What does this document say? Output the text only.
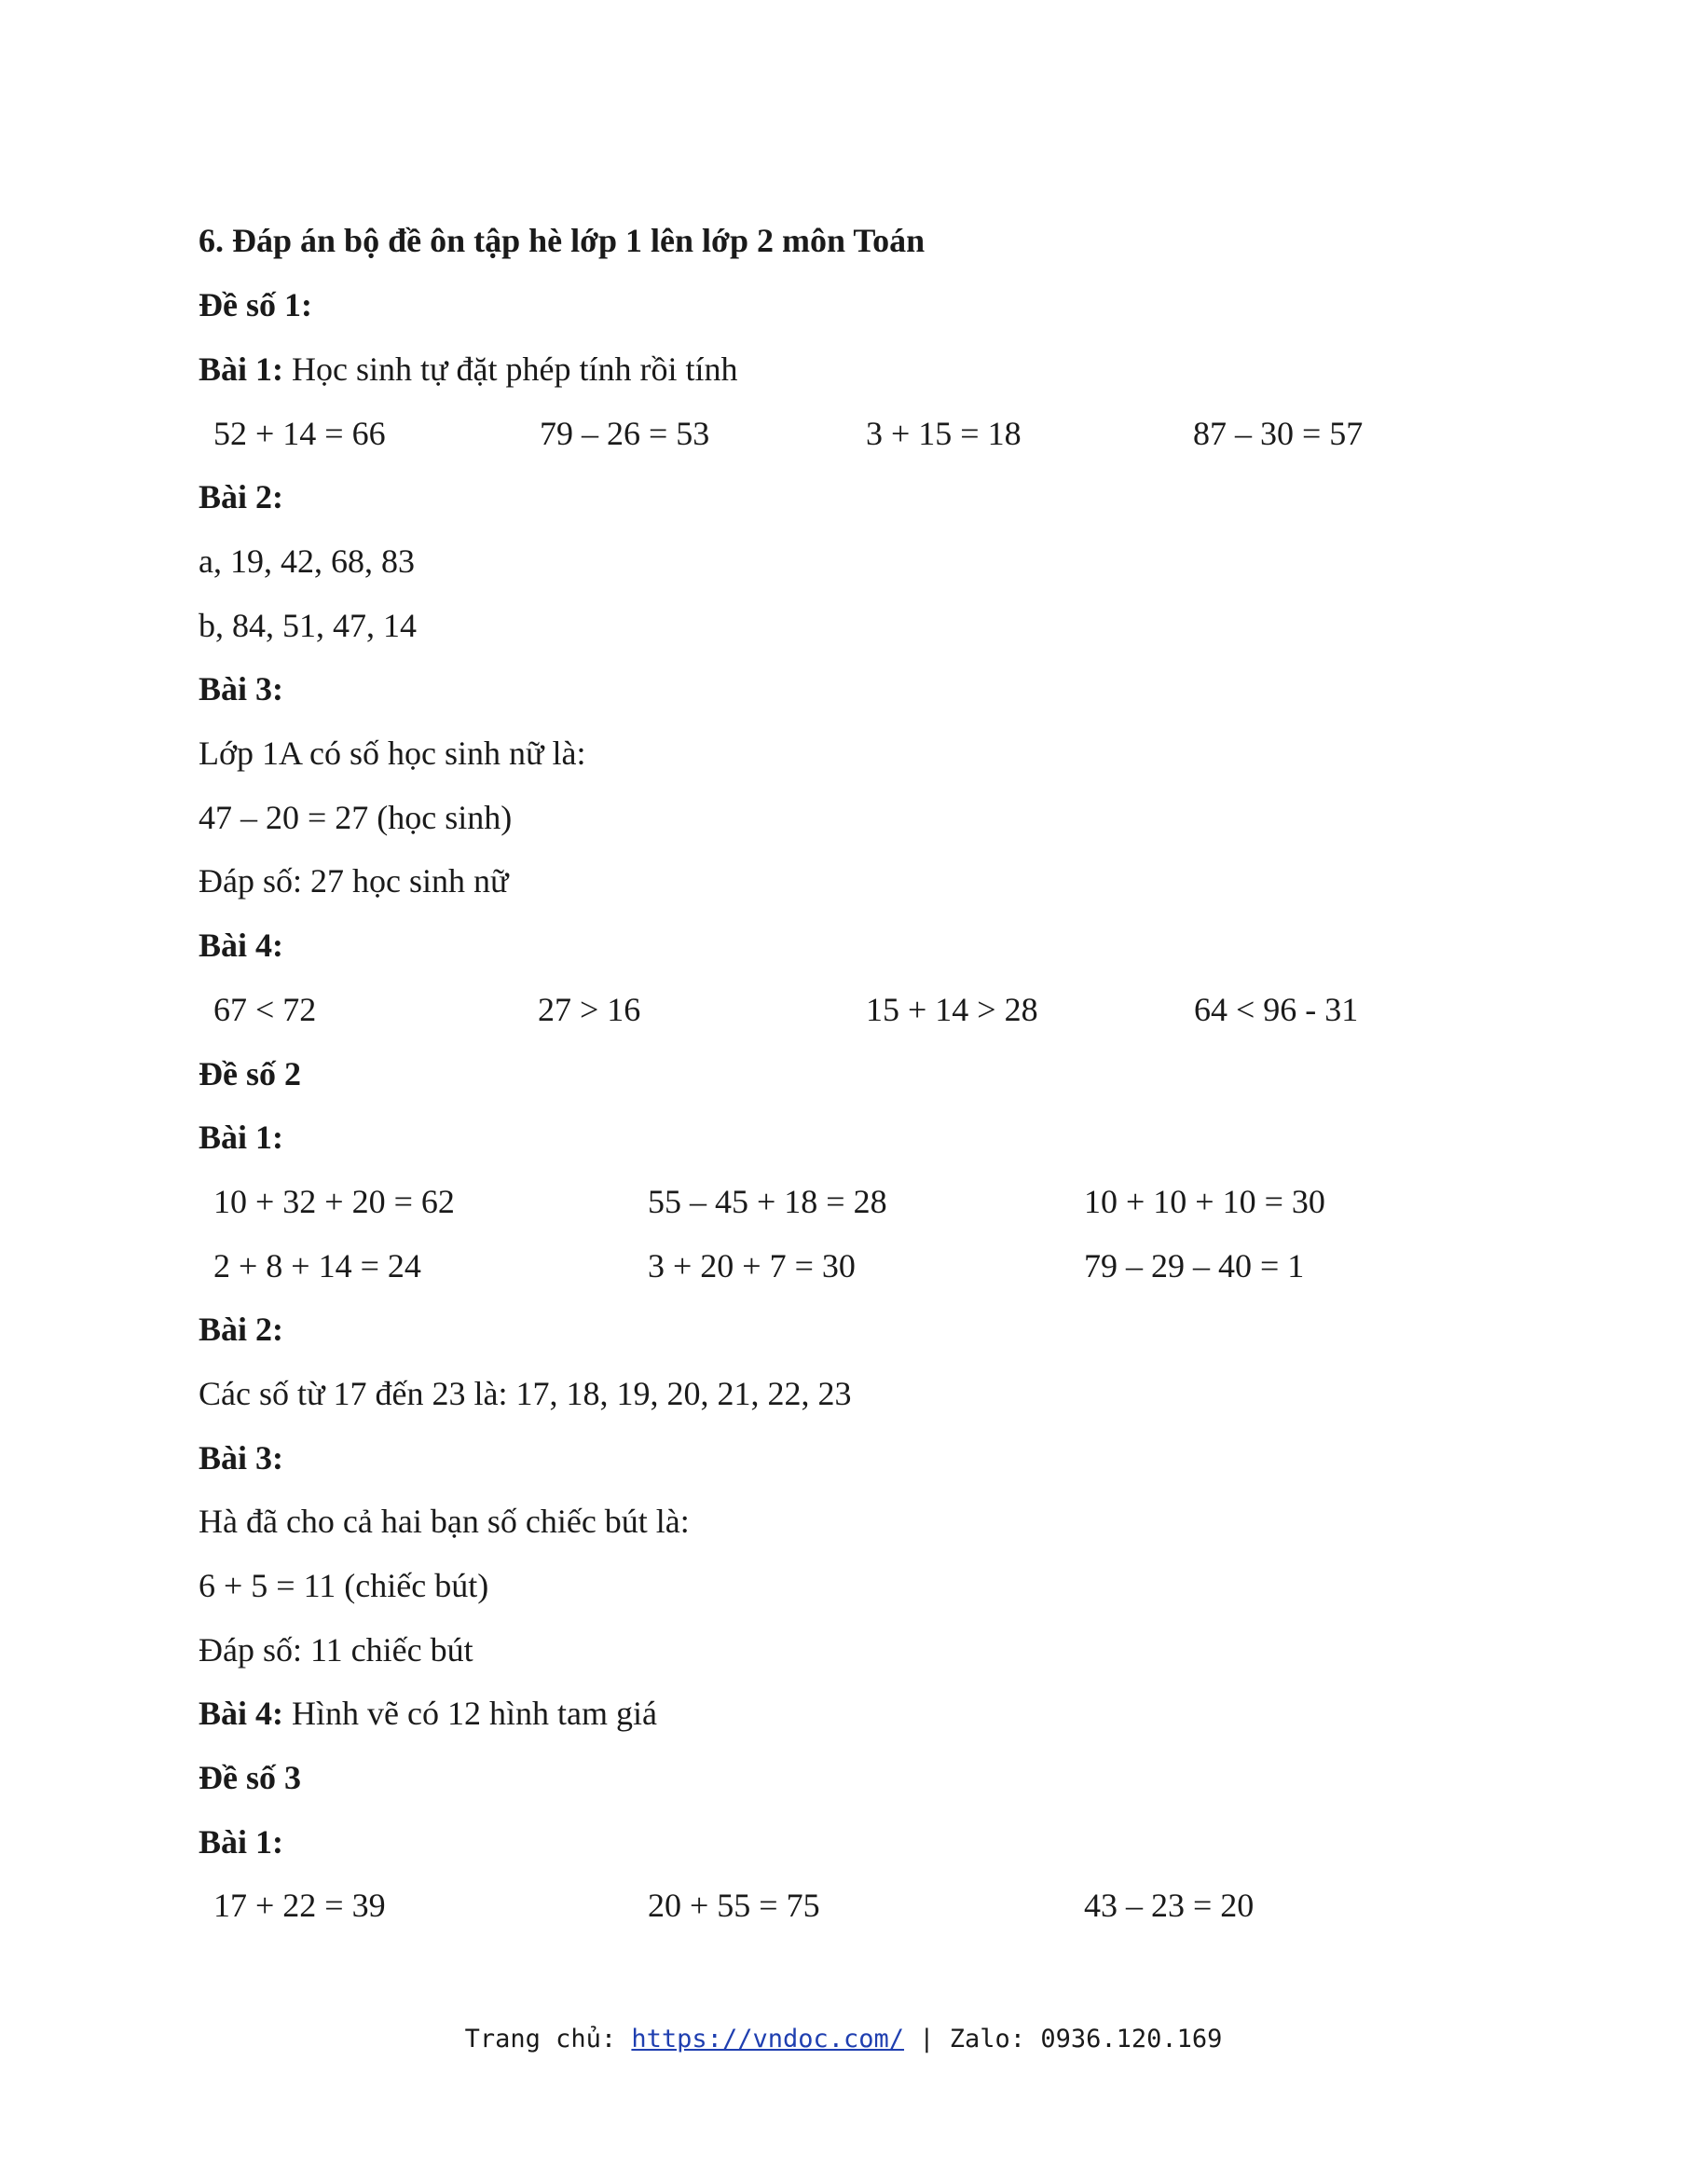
6. Đáp án bộ đề ôn tập hè lớp 1 lên lớp 2 môn Toán
Đề số 1:
Bài 1: Học sinh tự đặt phép tính rồi tính
52 + 14 = 66	79 – 26 = 53	3 + 15 = 18	87 – 30 = 57
Bài 2:
a, 19, 42, 68, 83
b, 84, 51, 47, 14
Bài 3:
Lớp 1A có số học sinh nữ là:
47 – 20 = 27 (học sinh)
Đáp số: 27 học sinh nữ
Bài 4:
67 < 72	27 > 16	15 + 14 > 28	64 < 96 - 31
Đề số 2
Bài 1:
10 + 32 + 20 = 62	55 – 45 + 18 = 28	10 + 10 + 10 = 30
2 + 8 + 14 = 24	3 + 20 + 7 = 30	79 – 29 – 40 = 1
Bài 2:
Các số từ 17 đến 23 là: 17, 18, 19, 20, 21, 22, 23
Bài 3:
Hà đã cho cả hai bạn số chiếc bút là:
6 + 5 = 11 (chiếc bút)
Đáp số: 11 chiếc bút
Bài 4: Hình vẽ có 12 hình tam giá
Đề số 3
Bài 1:
17 + 22 = 39	20 + 55 = 75	43 – 23 = 20
Trang chủ: https://vndoc.com/ | Zalo: 0936.120.169
